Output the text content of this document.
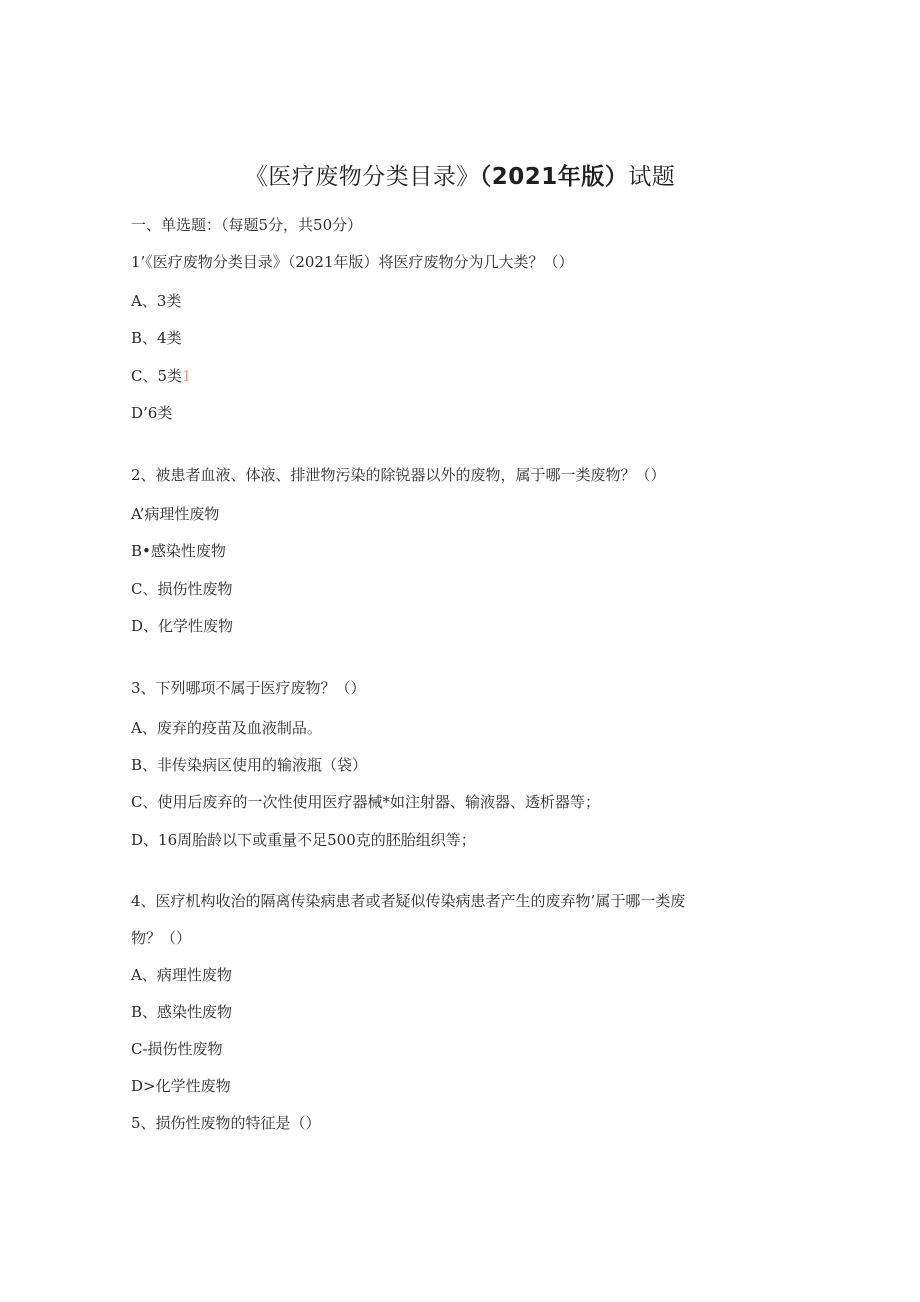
《医疗废物分类目录》（2021年版）试题
一、单选题：（每题5分，共50分）
1’《医疗废物分类目录》（2021年版）将医疗废物分为几大类？（）
A、3类
B、4类
C、5类1
D’6类
2、被患者血液、体液、排泄物污染的除锐器以外的废物，属于哪一类废物？（）
A’病理性废物
B•感染性废物
C、损伤性废物
D、化学性废物
3、下列哪项不属于医疗废物？（）
A、废弃的疫苗及血液制品。
B、非传染病区使用的输液瓶（袋）
C、使用后废弃的一次性使用医疗器械*如注射器、输液器、透析器等；
D、16周胎龄以下或重量不足500克的胚胎组织等；
4、医疗机构收治的隔离传染病患者或者疑似传染病患者产生的废弃物’属于哪一类废
物？（）
A、病理性废物
B、感染性废物
C-损伤性废物
D>化学性废物
5、损伤性废物的特征是（）
